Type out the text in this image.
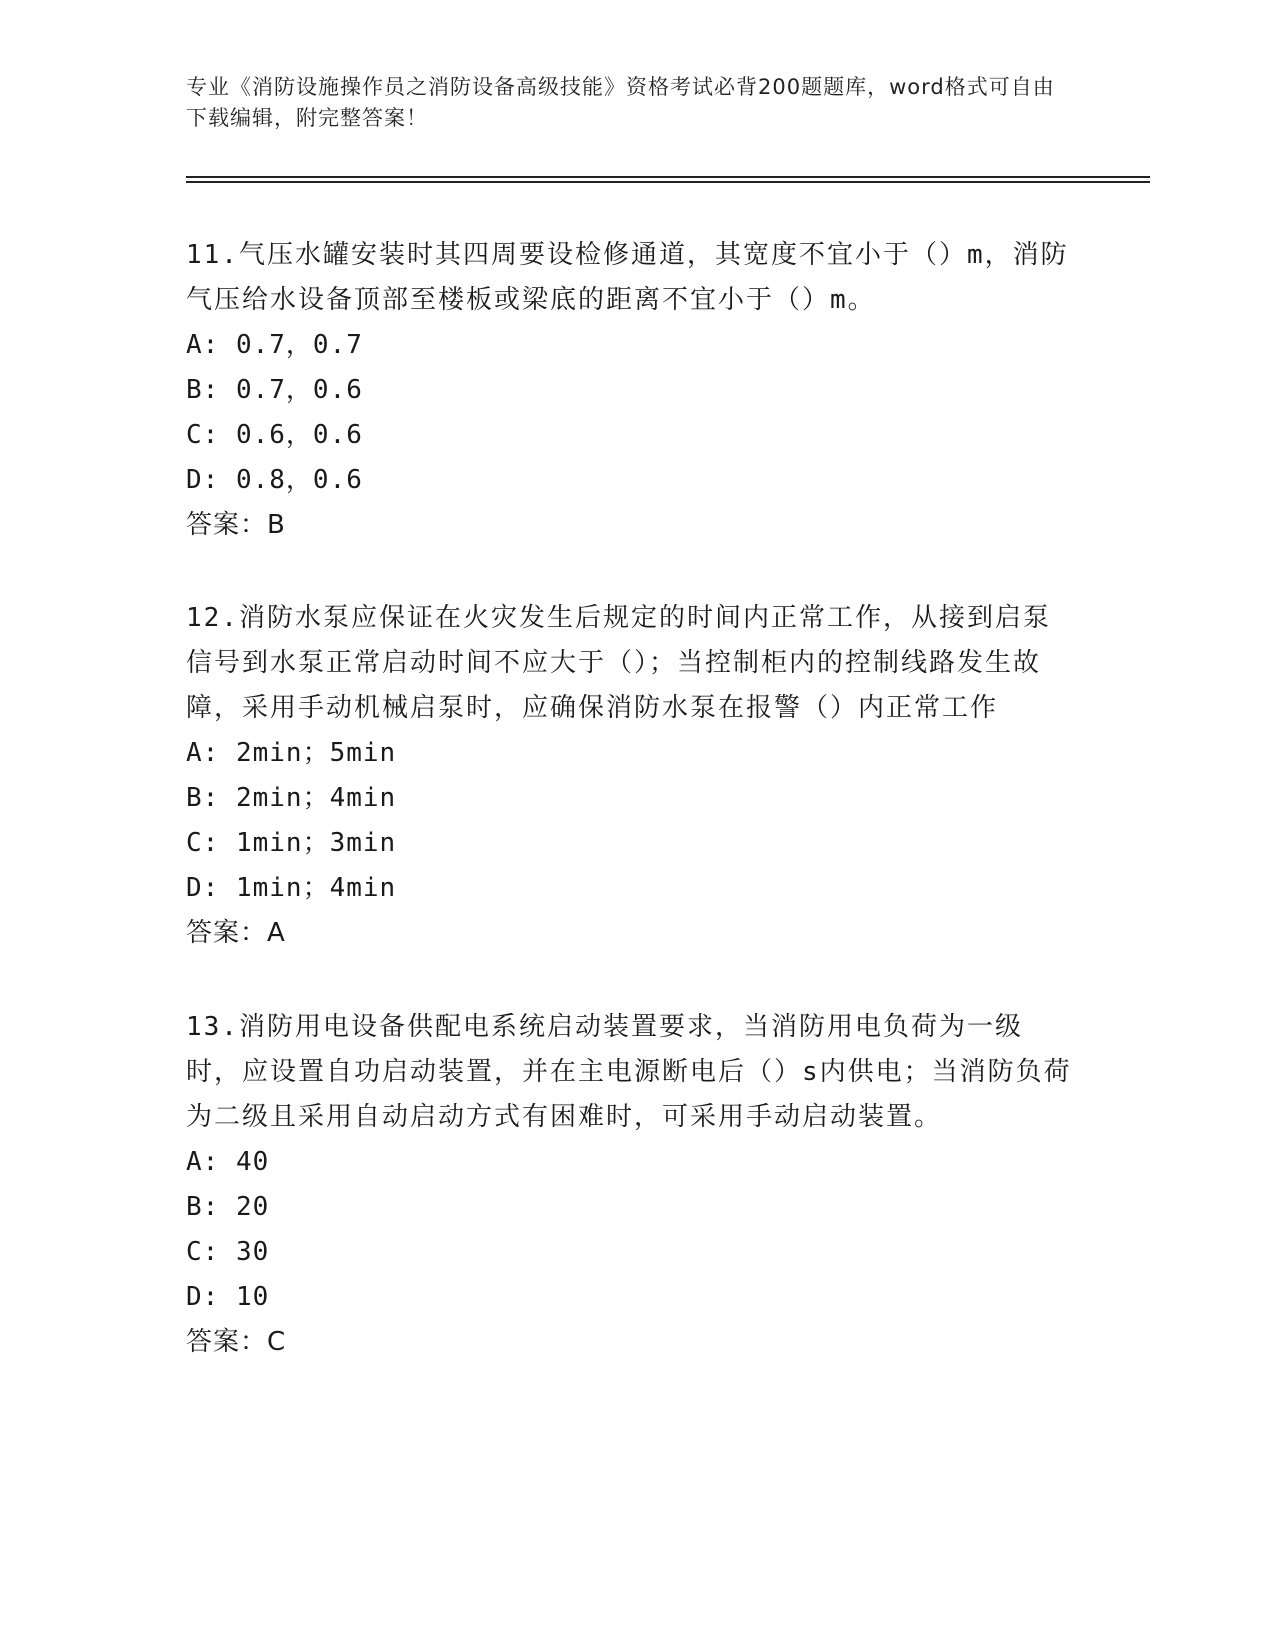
专业《消防设施操作员之消防设备高级技能》资格考试必背200题题库，word格式可自由下载编辑，附完整答案！

11.气压水罐安装时其四周要设检修通道，其宽度不宜小于（）m，消防气压给水设备顶部至楼板或梁底的距离不宜小于（）m。

A: 0.7，0.7

B: 0.7，0.6

C: 0.6，0.6

D: 0.8，0.6

答案：B

12.消防水泵应保证在火灾发生后规定的时间内正常工作，从接到启泵信号到水泵正常启动时间不应大于（）；当控制柜内的控制线路发生故障，采用手动机械启泵时，应确保消防水泵在报警（）内正常工作

A: 2min；5min

B: 2min；4min

C: 1min；3min

D: 1min；4min

答案：A

13.消防用电设备供配电系统启动装置要求，当消防用电负荷为一级时，应设置自功启动装置，并在主电源断电后（）s内供电；当消防负荷为二级且采用自动启动方式有困难时，可采用手动启动装置。

A: 40

B: 20

C: 30

D: 10

答案：C
